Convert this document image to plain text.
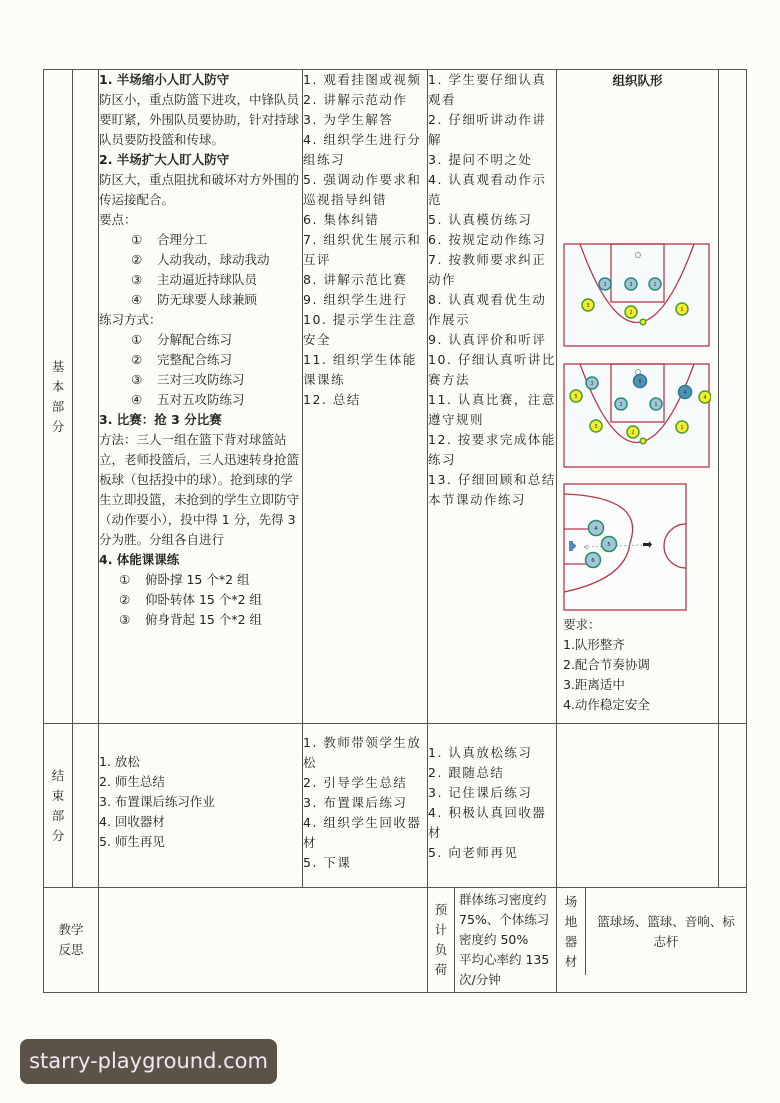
基
本
部
分

1. 半场缩小人盯人防守
防区小，重点防篮下进攻，中锋队员要盯紧，外围队员要协助，针对持球队员要防投篮和传球。
2. 半场扩大人盯人防守
防区大，重点阻扰和破坏对方外围的传运接配合。
要点：
① 合理分工
② 人动我动，球动我动
③ 主动逼近持球队员
④ 防无球要人球兼顾
练习方式：
① 分解配合练习
② 完整配合练习
③ 三对三攻防练习
④ 五对五攻防练习
3. 比赛：抢 3 分比赛
方法：三人一组在篮下背对球篮站立，老师投篮后，三人迅速转身抢篮板球（包括投中的球）。抢到球的学生立即投篮，未抢到的学生立即防守（动作要小），投中得 1 分，先得 3 分为胜。分组各自进行
4. 体能课课练
① 俯卧撑 15 个*2 组
② 仰卧转体 15 个*2 组
③ 俯身背起 15 个*2 组

1. 观看挂图或视频
2. 讲解示范动作
3. 为学生解答
4. 组织学生进行分组练习
5. 强调动作要求和巡视指导纠错
6. 集体纠错
7. 组织优生展示和互评
8. 讲解示范比赛
9. 组织学生进行
10. 提示学生注意安全
11. 组织学生体能课课练
12. 总结

1. 学生要仔细认真观看
2. 仔细听讲动作讲解
3. 提问不明之处
4. 认真观看动作示范
5. 认真模仿练习
6. 按规定动作练习
7. 按教师要求纠正动作
8. 认真观看优生动作展示
9. 认真评价和听评
10. 仔细认真听讲比赛方法
11. 认真比赛，注意遵守规则
12. 按要求完成体能练习
13. 仔细回顾和总结本节课动作练习

组织队形
3	3	1
3
2	1
3
2	1
6
4
5
3
2
1
4
4
5
6
要求：
1.队形整齐
2.配合节奏协调
3.距离适中
4.动作稳定安全

结
束
部
分

1. 放松
2. 师生总结
3. 布置课后练习作业
4. 回收器材
5. 师生再见

1. 教师带领学生放松
2. 引导学生总结
3. 布置课后练习
4. 组织学生回收器材
5. 下课

1. 认真放松练习
2. 跟随总结
3. 记住课后练习
4. 积极认真回收器材
5. 向老师再见

教学
反思

预
计
负
荷

群体练习密度约75%、个体练习密度约 50%
平均心率约 135 次/分钟

场
地
器
材
	篮球场、篮球、音响、标志杆
starry-playground.com
